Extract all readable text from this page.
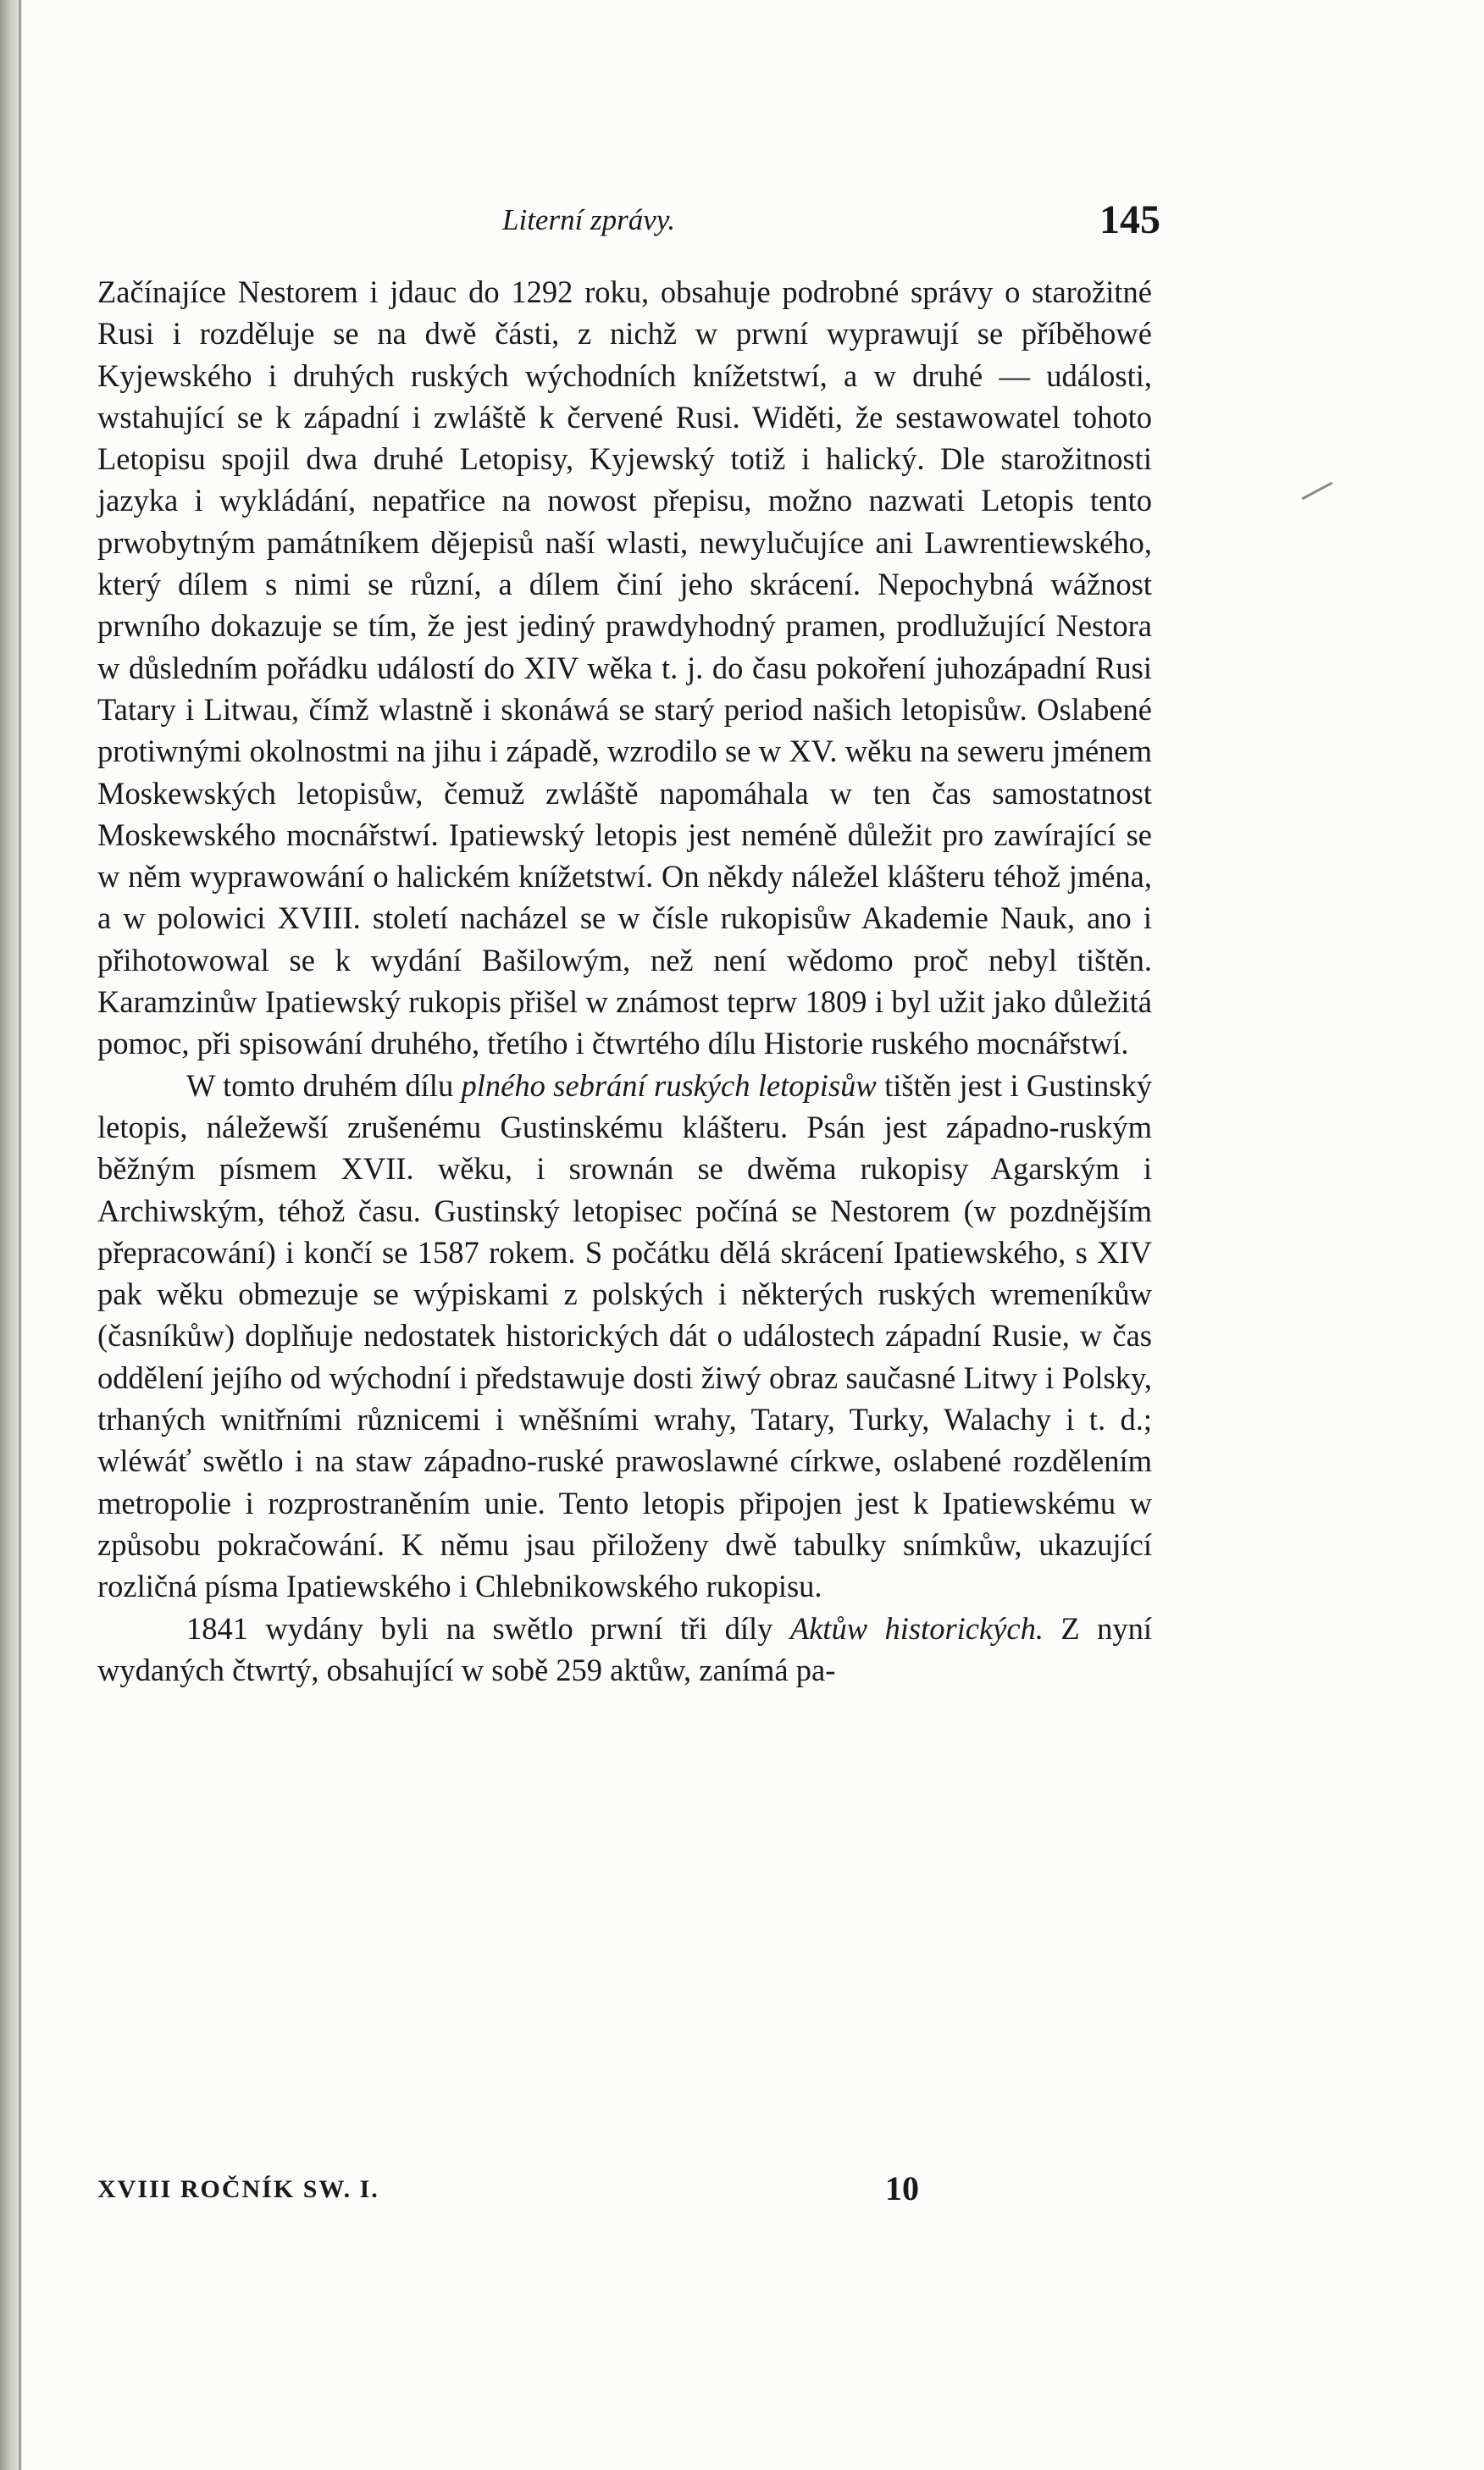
Literní zprávy.	145

Začínajíce Nestorem i jdauc do 1292 roku, obsahuje podrobné správy o starožitné Rusi i rozděluje se na dwě části, z nichž w prwní wyprawují se příběhowé Kyjewského i druhých ruských wýchodních knížetstwí, a w druhé — události, wstahující se k západní i zwláště k červené Rusi. Widěti, že sestawowatel tohoto Letopisu spojil dwa druhé Letopisy, Kyjewský totiž i halický. Dle starožitnosti jazyka i wykládání, nepatřice na nowost přepisu, možno nazwati Letopis tento prwobytným památníkem dějepisů naší wlasti, newylučujíce ani Lawrentiewského, který dílem s nimi se různí, a dílem činí jeho skrácení. Nepochybná wážnost prwního dokazuje se tím, že jest jediný prawdyhodný pramen, prodlužující Nestora w důsledním pořádku událostí do XIV wěka t. j. do času pokoření juhozápadní Rusi Tatary i Litwau, čímž wlastně i skonáwá se starý period našich letopisůw. Oslabené protiwnými okolnostmi na jihu i západě, wzrodilo se w XV. wěku na seweru jménem Moskewských letopisůw, čemuž zwláště napomáhala w ten čas samostatnost Moskewského mocnářstwí. Ipatiewský letopis jest neméně důležit pro zawírající se w něm wyprawowání o halickém knížetstwí. On někdy náležel klášteru téhož jména, a w polowici XVIII. století nacházel se w čísle rukopisůw Akademie Nauk, ano i přihotowowal se k wydání Bašilowým, než není wědomo proč nebyl tištěn. Karamzinůw Ipatiewský rukopis přišel w známost teprw 1809 i byl užit jako důležitá pomoc, při spisowání druhého, třetího i čtwrtého dílu Historie ruského mocnářstwí.

W tomto druhém dílu plného sebrání ruských letopisůw tištěn jest i Gustinský letopis, náležewší zrušenému Gustinskému klášteru. Psán jest západno-ruským běžným písmem XVII. wěku, i srownán se dwěma rukopisy Agarským i Archiwským, téhož času. Gustinský letopisec počíná se Nestorem (w pozdnějším přepracowání) i končí se 1587 rokem. S počátku dělá skrácení Ipatiewského, s XIV pak wěku obmezuje se wýpiskami z polských i některých ruských wremeníkůw (časníkůw) doplňuje nedostatek historických dát o událostech západní Rusie, w čas oddělení jejího od wýchodní i předstawuje dosti žiwý obraz saučasné Litwy i Polsky, trhaných wnitřními různicemi i wněšními wrahy, Tatary, Turky, Walachy i t. d.; wléwáť swětlo i na staw západno-ruské prawoslawné církwe, oslabené rozdělením metropolie i rozprostraněním unie. Tento letopis připojen jest k Ipatiewskému w způsobu pokračowání. K němu jsau přiloženy dwě tabulky snímkůw, ukazující rozličná písma Ipatiewského i Chlebnikowského rukopisu.

1841 wydány byli na swětlo prwní tři díly Aktůw historických. Z nyní wydaných čtwrtý, obsahující w sobě 259 aktůw, zanímá pa-

XVIII ROČNÍK SW. I.	10
